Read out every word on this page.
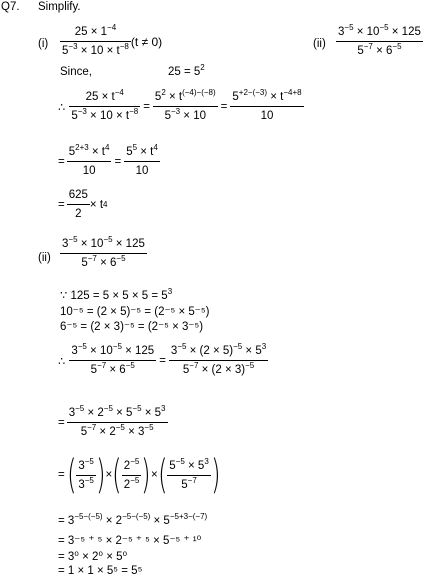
Q7. Simplify.
$(i) \frac{25 \times 1^{-4}}{5^{-3} \times 10 \times t^{-8}} (t \ne 0)$	$(ii) \frac{3^{-5} \times 10^{-5} \times 125}{5^{-7} \times 6^{-5}}$
Since,	$25 = 5^2$
∴ $\frac{25 \times t^{-4}}{5^{-3} \times 10 \times t^{-8}} = \frac{5^2 \times t^{(-4)-(-8)}}{5^{-3} \times 10} = \frac{5^{+2-(-3)} \times t^{-4+8}}{10}$
= $\frac{5^{2+3} \times t^4}{10} = \frac{5^5 \times t^4}{10}$
= $\frac{625}{2} \times t$ 4
$(ii) \frac{3^{-5} \times 10^{-5} \times 125}{5^{-7} \times 6^{-5}}$
∵ $125 = 5 \times 5 \times 5 = 5^3$
10⁻⁵ = (2 × 5)⁻⁵ = (2⁻⁵ × 5⁻⁵)
6⁻⁵ = (2 × 3)⁻⁵ = (2⁻⁵ × 3⁻⁵)
∴ $\frac{3^{-5} \times 10^{-5} \times 125}{5^{-7} \times 6^{-5}} = \frac{3^{-5} \times (2 \times 5)^{-5} \times 5^3}{5^{-7} \times (2 \times 3)^{-5}}$
= $\frac{3^{-5} \times 2^{-5} \times 5^{-5} \times 5^3}{5^{-7} \times 2^{-5} \times 3^{-5}}$
= ( $\frac{3^{-5}}{3^{-5}}$ ) × ( $\frac{2^{-5}}{2^{-5}}$ ) × ( $\frac{5^{-5} \times 5^3}{5^{-7}}$ )
= $3^{-5-(-5)} \times 2^{-5-(-5)} \times 5^{-5+3-(-7)}$
= 3⁻⁵ ⁺ ⁵ × 2⁻⁵ ⁺ ⁵ × 5⁻⁵ ⁺ ¹⁰
= 3⁰ × 2⁰ × 5⁰
= 1 × 1 × 5⁵ = 5⁵
